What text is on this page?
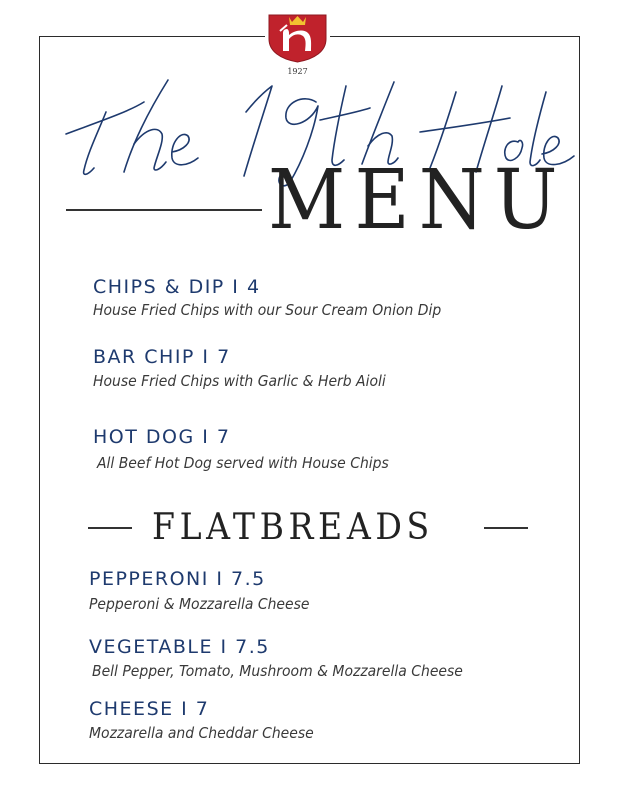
1927
MENU
CHIPS & DIP I 4
House Fried Chips with our Sour Cream Onion Dip
BAR CHIP I 7
House Fried Chips with Garlic & Herb Aioli
HOT DOG I 7
All Beef Hot Dog served with House Chips
FLATBREADS
PEPPERONI I 7.5
Pepperoni & Mozzarella Cheese
VEGETABLE I 7.5
Bell Pepper, Tomato, Mushroom & Mozzarella Cheese
CHEESE I 7
Mozzarella and Cheddar Cheese
